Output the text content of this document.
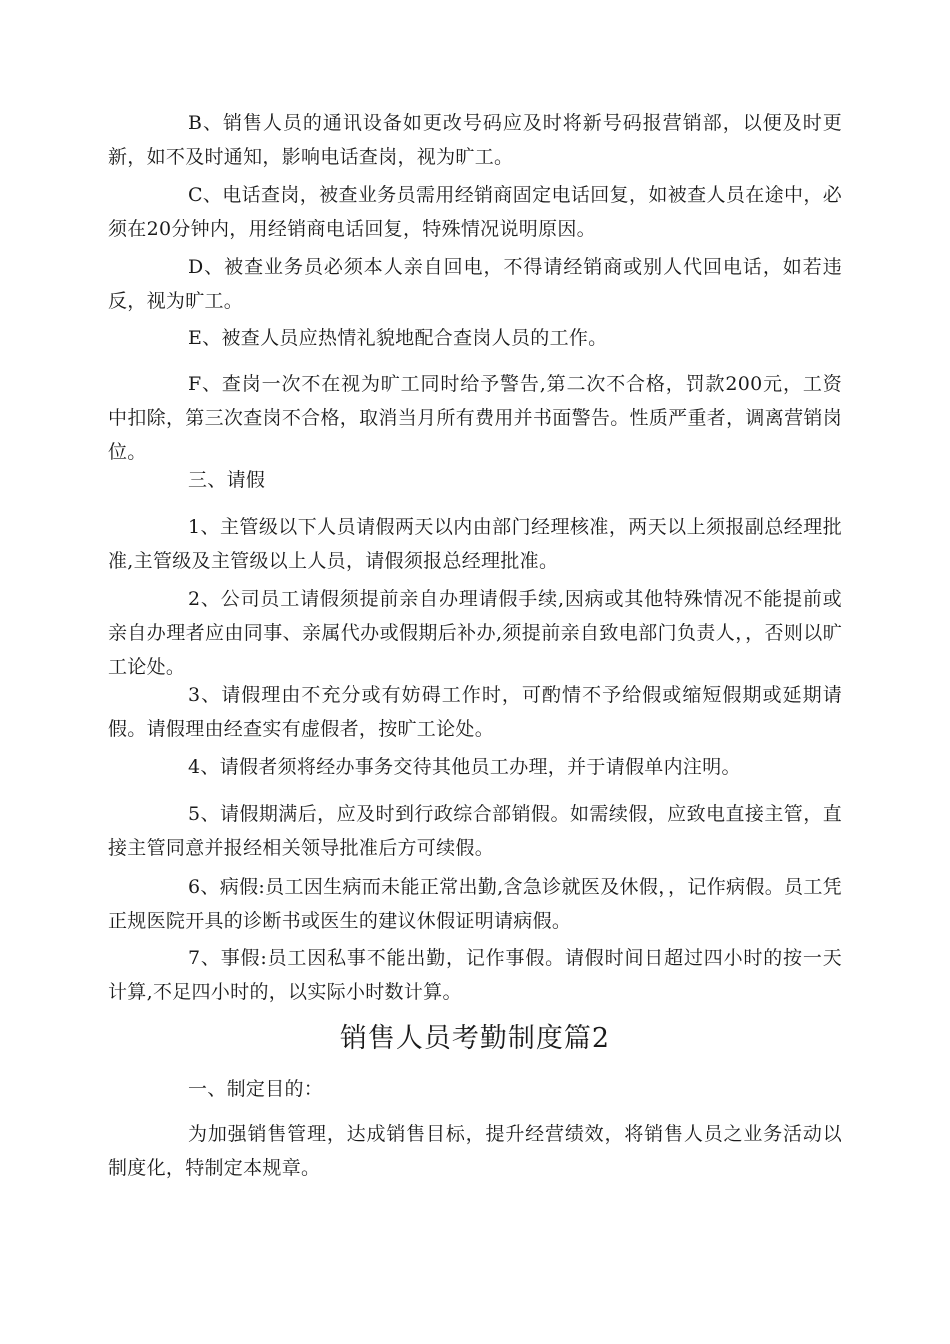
B、销售人员的通讯设备如更改号码应及时将新号码报营销部，以便及时更新，如不及时通知，影响电话查岗，视为旷工。

C、电话查岗，被查业务员需用经销商固定电话回复，如被查人员在途中，必须在20分钟内，用经销商电话回复，特殊情况说明原因。

D、被查业务员必须本人亲自回电，不得请经销商或别人代回电话，如若违反，视为旷工。

E、被查人员应热情礼貌地配合查岗人员的工作。

F、查岗一次不在视为旷工同时给予警告,第二次不合格，罚款200元，工资中扣除，第三次查岗不合格，取消当月所有费用并书面警告。性质严重者，调离营销岗位。

三、请假

1、主管级以下人员请假两天以内由部门经理核准，两天以上须报副总经理批准,主管级及主管级以上人员，请假须报总经理批准。

2、公司员工请假须提前亲自办理请假手续,因病或其他特殊情况不能提前或亲自办理者应由同事、亲属代办或假期后补办,须提前亲自致电部门负责人，，否则以旷工论处。

3、请假理由不充分或有妨碍工作时，可酌情不予给假或缩短假期或延期请假。请假理由经查实有虚假者，按旷工论处。

4、请假者须将经办事务交待其他员工办理，并于请假单内注明。

5、请假期满后，应及时到行政综合部销假。如需续假，应致电直接主管，直接主管同意并报经相关领导批准后方可续假。

6、病假:员工因生病而未能正常出勤,含急诊就医及休假，，记作病假。员工凭正规医院开具的诊断书或医生的建议休假证明请病假。

7、事假:员工因私事不能出勤，记作事假。请假时间日超过四小时的按一天计算,不足四小时的，以实际小时数计算。

销售人员考勤制度篇2

一、制定目的：

为加强销售管理，达成销售目标，提升经营绩效，将销售人员之业务活动以制度化，特制定本规章。
